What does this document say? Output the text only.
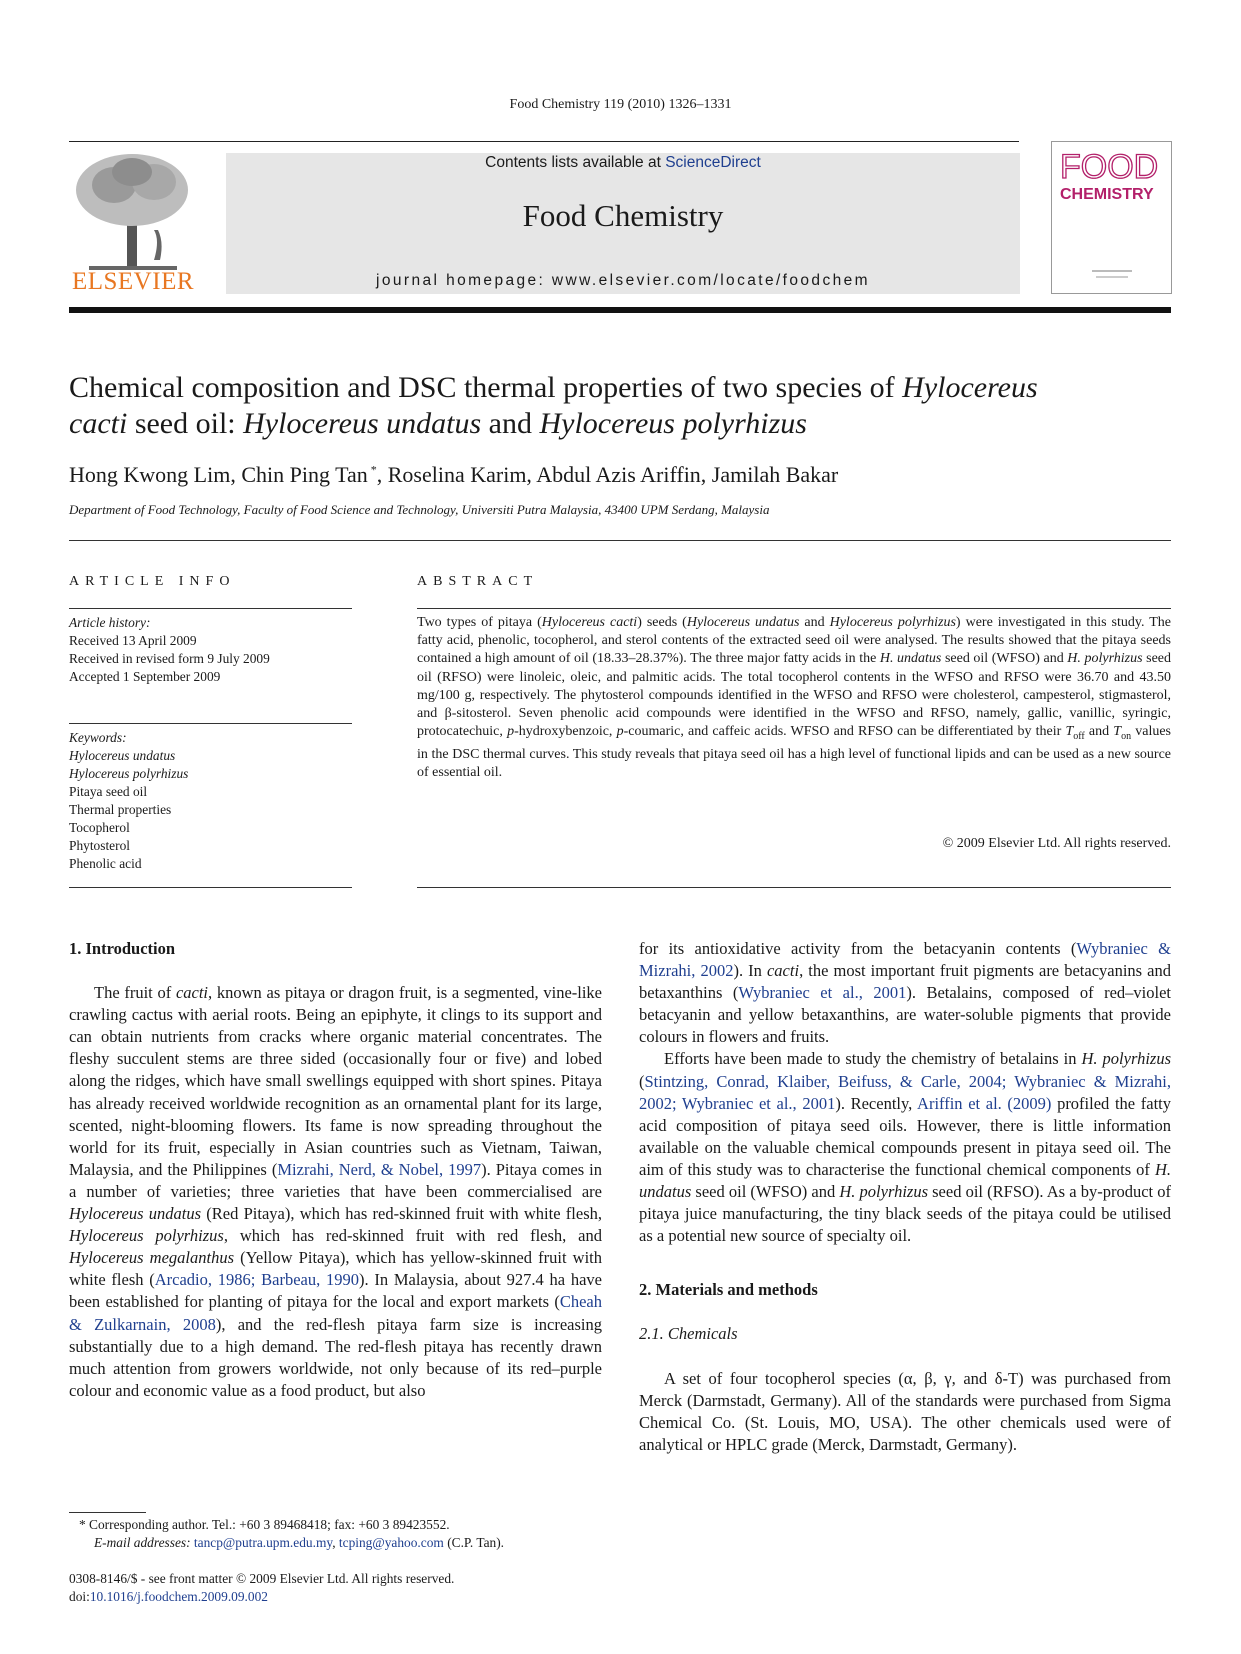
Food Chemistry 119 (2010) 1326–1331
ELSEVIER
Contents lists available at ScienceDirect
Food Chemistry
journal homepage: www.elsevier.com/locate/foodchem
FOOD
CHEMISTRY
Chemical composition and DSC thermal properties of two species of Hylocereus
cacti seed oil: Hylocereus undatus and Hylocereus polyrhizus
Hong Kwong Lim, Chin Ping Tan *, Roselina Karim, Abdul Azis Ariffin, Jamilah Bakar
Department of Food Technology, Faculty of Food Science and Technology, Universiti Putra Malaysia, 43400 UPM Serdang, Malaysia
ARTICLE INFO	ABSTRACT
Article history:
Received 13 April 2009
Received in revised form 9 July 2009
Accepted 1 September 2009
Keywords:
Hylocereus undatus
Hylocereus polyrhizus
Pitaya seed oil
Thermal properties
Tocopherol
Phytosterol
Phenolic acid
Two types of pitaya (Hylocereus cacti) seeds (Hylocereus undatus and Hylocereus polyrhizus) were investigated in this study. The fatty acid, phenolic, tocopherol, and sterol contents of the extracted seed oil were analysed. The results showed that the pitaya seeds contained a high amount of oil (18.33–28.37%). The three major fatty acids in the H. undatus seed oil (WFSO) and H. polyrhizus seed oil (RFSO) were linoleic, oleic, and palmitic acids. The total tocopherol contents in the WFSO and RFSO were 36.70 and 43.50 mg/100 g, respectively. The phytosterol compounds identified in the WFSO and RFSO were cholesterol, campesterol, stigmasterol, and β-sitosterol. Seven phenolic acid compounds were identified in the WFSO and RFSO, namely, gallic, vanillic, syringic, protocatechuic, p-hydroxybenzoic, p-coumaric, and caffeic acids. WFSO and RFSO can be differentiated by their $T_{off}$ and $T_{on}$ values in the DSC thermal curves. This study reveals that pitaya seed oil has a high level of functional lipids and can be used as a new source of essential oil.
© 2009 Elsevier Ltd. All rights reserved.

1. Introduction

The fruit of cacti, known as pitaya or dragon fruit, is a segmented, vine-like crawling cactus with aerial roots. Being an epiphyte, it clings to its support and can obtain nutrients from cracks where organic material concentrates. The fleshy succulent stems are three sided (occasionally four or five) and lobed along the ridges, which have small swellings equipped with short spines. Pitaya has already received worldwide recognition as an ornamental plant for its large, scented, night-blooming flowers. Its fame is now spreading throughout the world for its fruit, especially in Asian countries such as Vietnam, Taiwan, Malaysia, and the Philippines (Mizrahi, Nerd, & Nobel, 1997). Pitaya comes in a number of varieties; three varieties that have been commercialised are Hylocereus undatus (Red Pitaya), which has red-skinned fruit with white flesh, Hylocereus polyrhizus, which has red-skinned fruit with red flesh, and Hylocereus megalanthus (Yellow Pitaya), which has yellow-skinned fruit with white flesh (Arcadio, 1986; Barbeau, 1990). In Malaysia, about 927.4 ha have been established for planting of pitaya for the local and export markets (Cheah & Zulkarnain, 2008), and the red-flesh pitaya farm size is increasing substantially due to a high demand. The red-flesh pitaya has recently drawn much attention from growers worldwide, not only because of its red–purple colour and economic value as a food product, but also

for its antioxidative activity from the betacyanin contents (Wybraniec & Mizrahi, 2002). In cacti, the most important fruit pigments are betacyanins and betaxanthins (Wybraniec et al., 2001). Betalains, composed of red–violet betacyanin and yellow betaxanthins, are water-soluble pigments that provide colours in flowers and fruits.

Efforts have been made to study the chemistry of betalains in H. polyrhizus (Stintzing, Conrad, Klaiber, Beifuss, & Carle, 2004; Wybraniec & Mizrahi, 2002; Wybraniec et al., 2001). Recently, Ariffin et al. (2009) profiled the fatty acid composition of pitaya seed oils. However, there is little information available on the valuable chemical compounds present in pitaya seed oil. The aim of this study was to characterise the functional chemical components of H. undatus seed oil (WFSO) and H. polyrhizus seed oil (RFSO). As a by-product of pitaya juice manufacturing, the tiny black seeds of the pitaya could be utilised as a potential new source of specialty oil.

2. Materials and methods

2.1. Chemicals

A set of four tocopherol species (α, β, γ, and δ-T) was purchased from Merck (Darmstadt, Germany). All of the standards were purchased from Sigma Chemical Co. (St. Louis, MO, USA). The other chemicals used were of analytical or HPLC grade (Merck, Darmstadt, Germany).

* Corresponding author. Tel.: +60 3 89468418; fax: +60 3 89423552.
E-mail addresses: tancp@putra.upm.edu.my, tcping@yahoo.com (C.P. Tan).
0308-8146/$ - see front matter © 2009 Elsevier Ltd. All rights reserved.
doi:10.1016/j.foodchem.2009.09.002
